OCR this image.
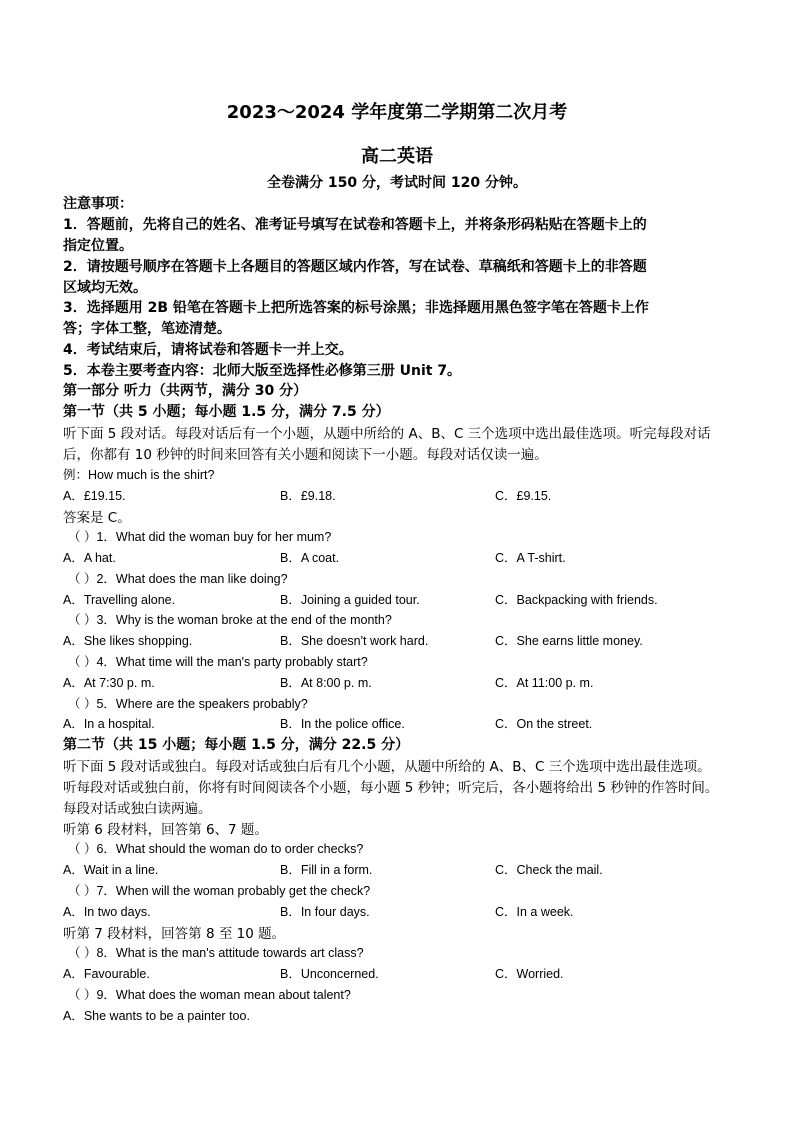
2023～2024 学年度第二学期第二次月考
高二英语
全卷满分 150 分，考试时间 120 分钟。
注意事项：
1．答题前，先将自己的姓名、准考证号填写在试卷和答题卡上，并将条形码粘贴在答题卡上的
指定位置。
2．请按题号顺序在答题卡上各题目的答题区域内作答，写在试卷、草稿纸和答题卡上的非答题
区域均无效。
3．选择题用 2B 铅笔在答题卡上把所选答案的标号涂黑；非选择题用黑色签字笔在答题卡上作
答；字体工整，笔迹清楚。
4．考试结束后，请将试卷和答题卡一并上交。
5．本卷主要考查内容：北师大版至选择性必修第三册 Unit 7。
第一部分 听力（共两节，满分 30 分）
第一节（共 5 小题；每小题 1.5 分，满分 7.5 分）
听下面 5 段对话。每段对话后有一个小题，从题中所给的 A、B、C 三个选项中选出最佳选项。听完每段对话
后，你都有 10 秒钟的时间来回答有关小题和阅读下一小题。每段对话仅读一遍。
例：How much is the shirt?
A．£19.15.	B．£9.18.	C．£9.15.
答案是 C。
（ ）1．What did the woman buy for her mum?
A．A hat.	B．A coat.	C．A T-shirt.
（ ）2．What does the man like doing?
A．Travelling alone.	B．Joining a guided tour.	C．Backpacking with friends.
（ ）3．Why is the woman broke at the end of the month?
A．She likes shopping.	B．She doesn't work hard.	C．She earns little money.
（ ）4．What time will the man's party probably start?
A．At 7:30 p. m.	B．At 8:00 p. m.	C．At 11:00 p. m.
（ ）5．Where are the speakers probably?
A．In a hospital.	B．In the police office.	C．On the street.
第二节（共 15 小题；每小题 1.5 分，满分 22.5 分）
听下面 5 段对话或独白。每段对话或独白后有几个小题，从题中所给的 A、B、C 三个选项中选出最佳选项。
听每段对话或独白前，你将有时间阅读各个小题，每小题 5 秒钟；听完后，各小题将给出 5 秒钟的作答时间。
每段对话或独白读两遍。
听第 6 段材料，回答第 6、7 题。
（ ）6．What should the woman do to order checks?
A．Wait in a line.	B．Fill in a form.	C．Check the mail.
（ ）7．When will the woman probably get the check?
A．In two days.	B．In four days.	C．In a week.
听第 7 段材料，回答第 8 至 10 题。
（ ）8．What is the man's attitude towards art class?
A．Favourable.	B．Unconcerned.	C．Worried.
（ ）9．What does the woman mean about talent?
A．She wants to be a painter too.
